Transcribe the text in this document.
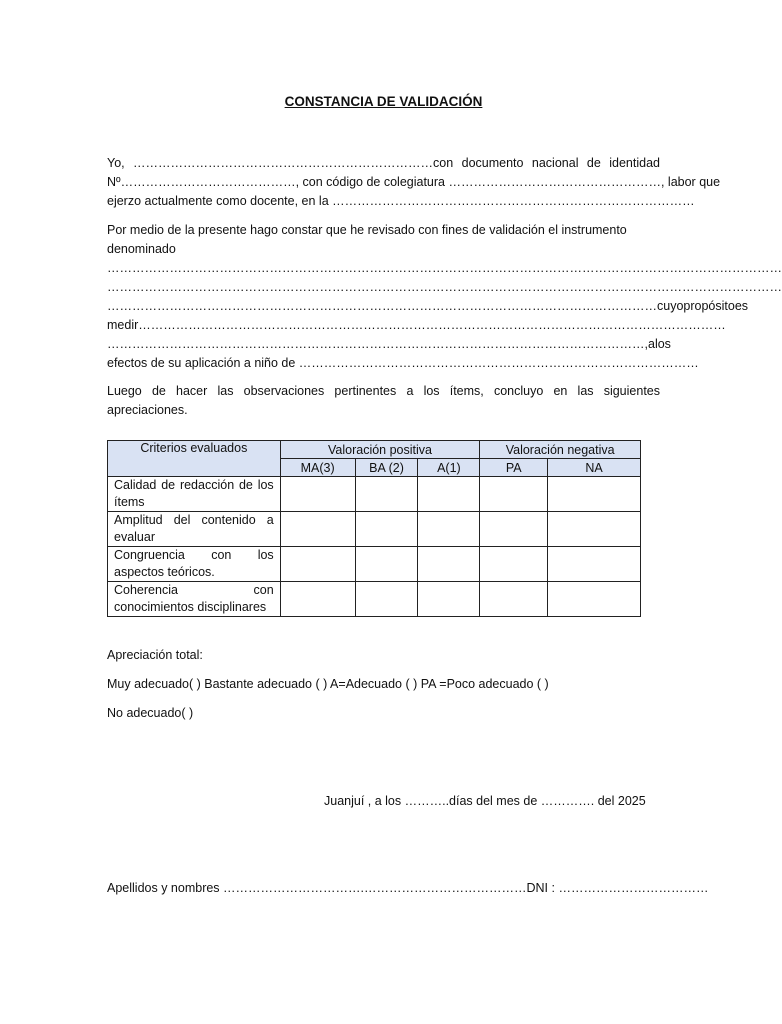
CONSTANCIA DE VALIDACIÓN
Yo, ………………………………………………………………con documento nacional de identidad
Nº……………………………………, con código de colegiatura ……………………………………………, labor que
ejerzo actualmente como docente, en la ……………………………………………………………………………
Por medio de la presente hago constar que he revisado con fines de validación el instrumento
denominado
………………………………………………………………………………………………………………………………………………
………………………………………………………………………………………………………………………………………………
……………………………………………………………………………………………………………………cuyo propósito es
medir……………………………………………………………………………………………………………………………
…………………………………………………………………………………………………………………, a los
efectos de su aplicación a niño de ……………………………………………………………………………………
Luego de hacer las observaciones pertinentes a los ítems, concluyo en las siguientes apreciaciones.
Criterios evaluados	Valoración positiva			Valoración negativa	
	MA(3)	BA (2)	A(1)	PA	NA
Calidad de redacción de los ítems					
Amplitud del contenido a evaluar					
Congruencia con los aspectos teóricos.					
Coherencia con conocimientos disciplinares					
Apreciación total:
Muy adecuado( ) Bastante adecuado ( ) A=Adecuado ( ) PA =Poco adecuado ( )
No adecuado( )
Juanjuí , a los ………..días del mes de …………. del 2025
Apellidos y nombres …………………………….…………………………………DNI : ………………………………
